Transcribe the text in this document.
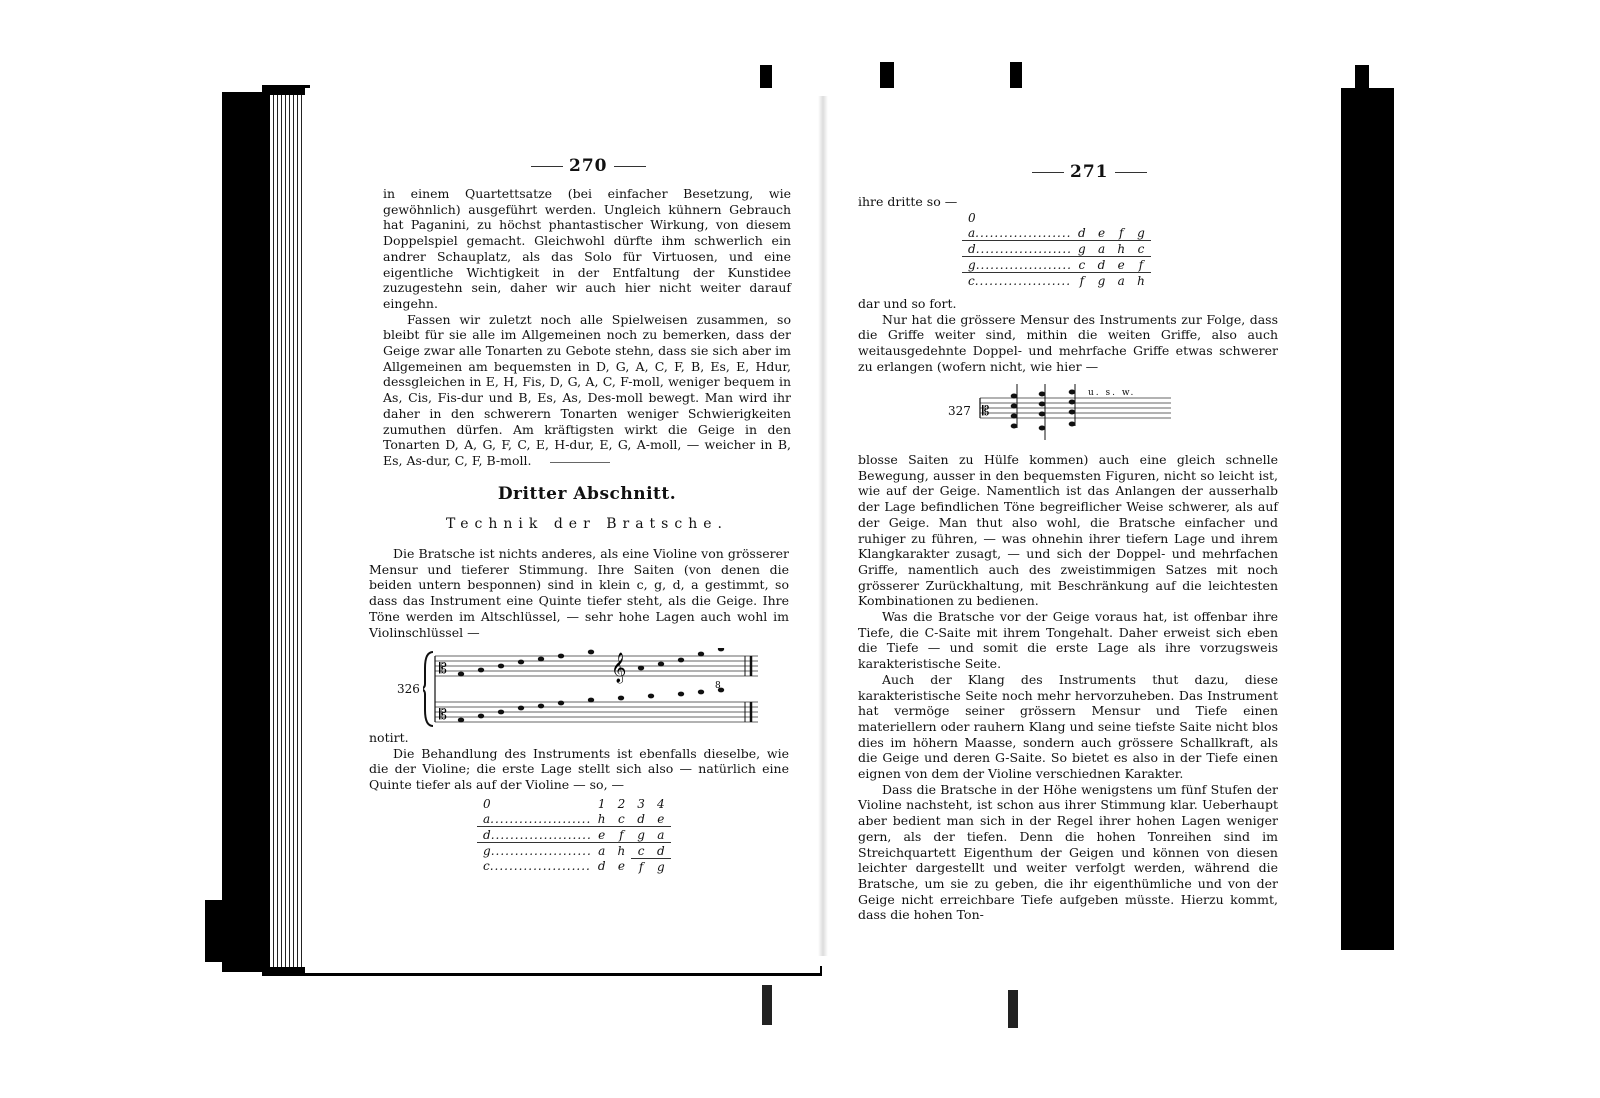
270

in einem Quartettsatze (bei einfacher Besetzung, wie gewöhnlich) ausgeführt werden. Ungleich kühnern Gebrauch hat Paganini, zu höchst phantastischer Wirkung, von diesem Doppelspiel gemacht. Gleichwohl dürfte ihm schwerlich ein andrer Schauplatz, als das Solo für Virtuosen, und eine eigentliche Wichtigkeit in der Entfaltung der Kunstidee zuzugestehn sein, daher wir auch hier nicht weiter darauf eingehn.

Fassen wir zuletzt noch alle Spielweisen zusammen, so bleibt für sie alle im Allgemeinen noch zu bemerken, dass der Geige zwar alle Tonarten zu Gebote stehn, dass sie sich aber im Allgemeinen am bequemsten in D, G, A, C, F, B, Es, E, Hdur, dessgleichen in E, H, Fis, D, G, A, C, F-moll, weniger bequem in As, Cis, Fis-dur und B, Es, As, Des-moll bewegt. Man wird ihr daher in den schwerern Tonarten weniger Schwierigkeiten zumuthen dürfen. Am kräftigsten wirkt die Geige in den Tonarten D, A, G, F, C, E, H-dur, E, G, A-moll, — weicher in B, Es, As-dur, C, F, B-moll.

Dritter Abschnitt.
Technik der Bratsche.

Die Bratsche ist nichts anderes, als eine Violine von grösserer Mensur und tieferer Stimmung. Ihre Saiten (von denen die beiden untern besponnen) sind in klein c, g, d, a gestimmt, so dass das Instrument eine Quinte tiefer steht, als die Geige. Ihre Töne werden im Altschlüssel, — sehr hohe Lagen auch wohl im Violinschlüssel —

326
𝄡
𝄡
𝄞
8

notirt.

Die Behandlung des Instruments ist ebenfalls dieselbe, wie die der Violine; die erste Lage stellt sich also — natürlich eine Quinte tiefer als auf der Violine — so, —

0	1	2	3	4
a.....................	h	c	d	e
d.....................	e	f	g	a
g.....................	a	h	c	d
c.....................	d	e	f	g
271

ihre dritte so —

0				
a....................	d	e	f	g
d....................	g	a	h	c
g....................	c	d	e	f
c....................	f	g	a	h

dar und so fort.

Nur hat die grössere Mensur des Instruments zur Folge, dass die Griffe weiter sind, mithin die weiten Griffe, also auch weitausgedehnte Doppel- und mehrfache Griffe etwas schwerer zu erlangen (wofern nicht, wie hier —

327
u. s. w.
𝄡

blosse Saiten zu Hülfe kommen) auch eine gleich schnelle Bewegung, ausser in den bequemsten Figuren, nicht so leicht ist, wie auf der Geige. Namentlich ist das Anlangen der ausserhalb der Lage befindlichen Töne begreiflicher Weise schwerer, als auf der Geige. Man thut also wohl, die Bratsche einfacher und ruhiger zu führen, — was ohnehin ihrer tiefern Lage und ihrem Klangkarakter zusagt, — und sich der Doppel- und mehrfachen Griffe, namentlich auch des zweistimmigen Satzes mit noch grösserer Zurückhaltung, mit Beschränkung auf die leichtesten Kombinationen zu bedienen.

Was die Bratsche vor der Geige voraus hat, ist offenbar ihre Tiefe, die C-Saite mit ihrem Tongehalt. Daher erweist sich eben die Tiefe — und somit die erste Lage als ihre vorzugsweis karakteristische Seite.

Auch der Klang des Instruments thut dazu, diese karakteristische Seite noch mehr hervorzuheben. Das Instrument hat vermöge seiner grössern Mensur und Tiefe einen materiellern oder rauhern Klang und seine tiefste Saite nicht blos dies im höhern Maasse, sondern auch grössere Schallkraft, als die Geige und deren G-Saite. So bietet es also in der Tiefe einen eignen von dem der Violine verschiednen Karakter.

Dass die Bratsche in der Höhe wenigstens um fünf Stufen der Violine nachsteht, ist schon aus ihrer Stimmung klar. Ueberhaupt aber bedient man sich in der Regel ihrer hohen Lagen weniger gern, als der tiefen. Denn die hohen Tonreihen sind im Streichquartett Eigenthum der Geigen und können von diesen leichter dargestellt und weiter verfolgt werden, während die Bratsche, um sie zu geben, die ihr eigenthümliche und von der Geige nicht erreichbare Tiefe aufgeben müsste. Hierzu kommt, dass die hohen Ton-
